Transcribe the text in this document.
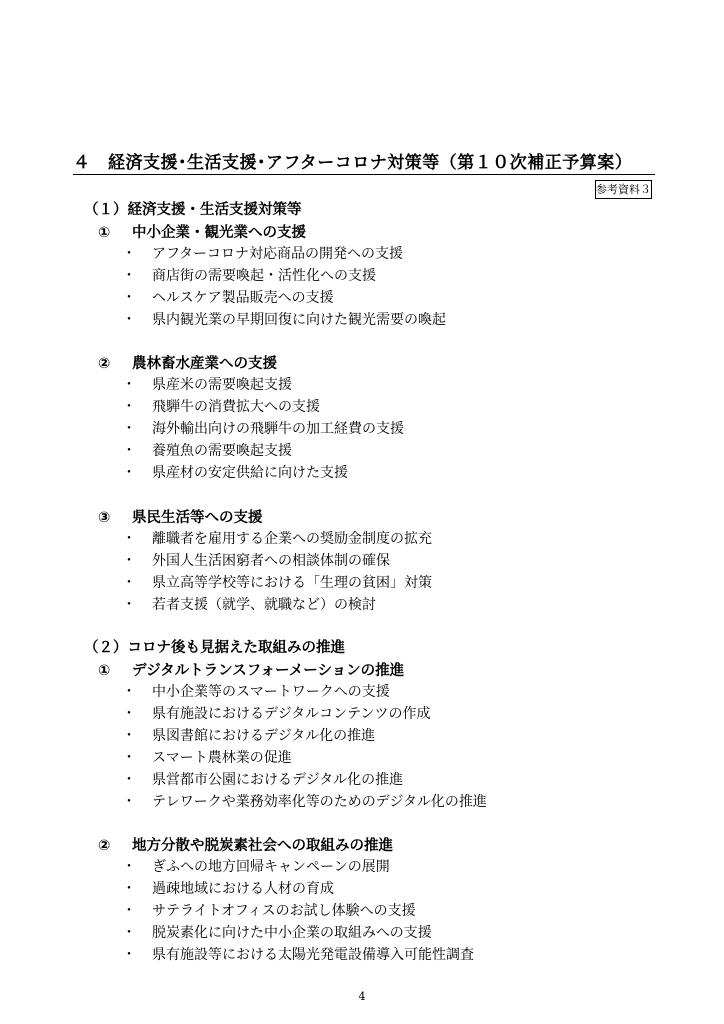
４　経済支援･生活支援･アフターコロナ対策等（第１０次補正予算案）
参考資料３
（１）経済支援・生活支援対策等
① 中小企業・観光業への支援
・ アフターコロナ対応商品の開発への支援
・ 商店街の需要喚起・活性化への支援
・ ヘルスケア製品販売への支援
・ 県内観光業の早期回復に向けた観光需要の喚起
② 農林畜水産業への支援
・ 県産米の需要喚起支援
・ 飛騨牛の消費拡大への支援
・ 海外輸出向けの飛騨牛の加工経費の支援
・ 養殖魚の需要喚起支援
・ 県産材の安定供給に向けた支援
③ 県民生活等への支援
・ 離職者を雇用する企業への奨励金制度の拡充
・ 外国人生活困窮者への相談体制の確保
・ 県立高等学校等における「生理の貧困」対策
・ 若者支援（就学、就職など）の検討
（２）コロナ後も見据えた取組みの推進
① デジタルトランスフォーメーションの推進
・ 中小企業等のスマートワークへの支援
・ 県有施設におけるデジタルコンテンツの作成
・ 県図書館におけるデジタル化の推進
・ スマート農林業の促進
・ 県営都市公園におけるデジタル化の推進
・ テレワークや業務効率化等のためのデジタル化の推進
② 地方分散や脱炭素社会への取組みの推進
・ ぎふへの地方回帰キャンペーンの展開
・ 過疎地域における人材の育成
・ サテライトオフィスのお試し体験への支援
・ 脱炭素化に向けた中小企業の取組みへの支援
・ 県有施設等における太陽光発電設備導入可能性調査
4
